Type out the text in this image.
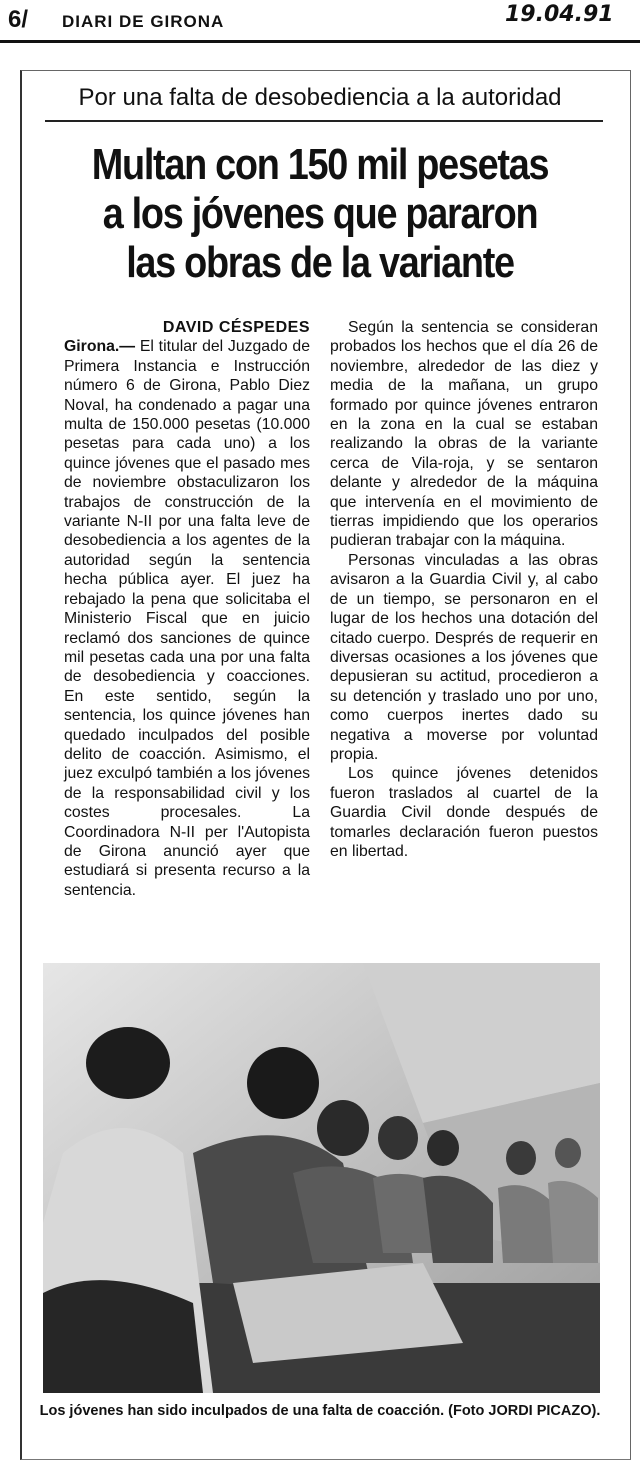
6/ DIARI DE GIRONA	19.04.91
Por una falta de desobediencia a la autoridad
Multan con 150 mil pesetas
a los jóvenes que pararon
las obras de la variante
DAVID CÉSPEDES

Girona.— El titular del Juzgado de Primera Instancia e Instrucción número 6 de Girona, Pablo Diez Noval, ha condenado a pagar una multa de 150.000 pesetas (10.000 pesetas para cada uno) a los quince jóvenes que el pasado mes de noviembre obstaculizaron los trabajos de construcción de la variante N-II por una falta leve de desobediencia a los agentes de la autoridad según la sentencia hecha pública ayer. El juez ha rebajado la pena que solicitaba el Ministerio Fiscal que en juicio reclamó dos sanciones de quince mil pesetas cada una por una falta de desobediencia y coacciones. En este sentido, según la sentencia, los quince jóvenes han quedado inculpados del posible delito de coacción. Asimismo, el juez exculpó también a los jóvenes de la responsabilidad civil y los costes procesales. La Coordinadora N-II per l'Autopista de Girona anunció ayer que estudiará si presenta recurso a la sentencia.

Según la sentencia se consideran probados los hechos que el día 26 de noviembre, alrededor de las diez y media de la mañana, un grupo formado por quince jóvenes entraron en la zona en la cual se estaban realizando la obras de la variante cerca de Vila-roja, y se sentaron delante y alrededor de la máquina que intervenía en el movimiento de tierras impidiendo que los operarios pudieran trabajar con la máquina.

Personas vinculadas a las obras avisaron a la Guardia Civil y, al cabo de un tiempo, se personaron en el lugar de los hechos una dotación del citado cuerpo. Després de requerir en diversas ocasiones a los jóvenes que depusieran su actitud, procedieron a su detención y traslado uno por uno, como cuerpos inertes dado su negativa a moverse por voluntad propia.

Los quince jóvenes detenidos fueron traslados al cuartel de la Guardia Civil donde después de tomarles declaración fueron puestos en libertad.

Los jóvenes han sido inculpados de una falta de coacción. (Foto JORDI PICAZO).
